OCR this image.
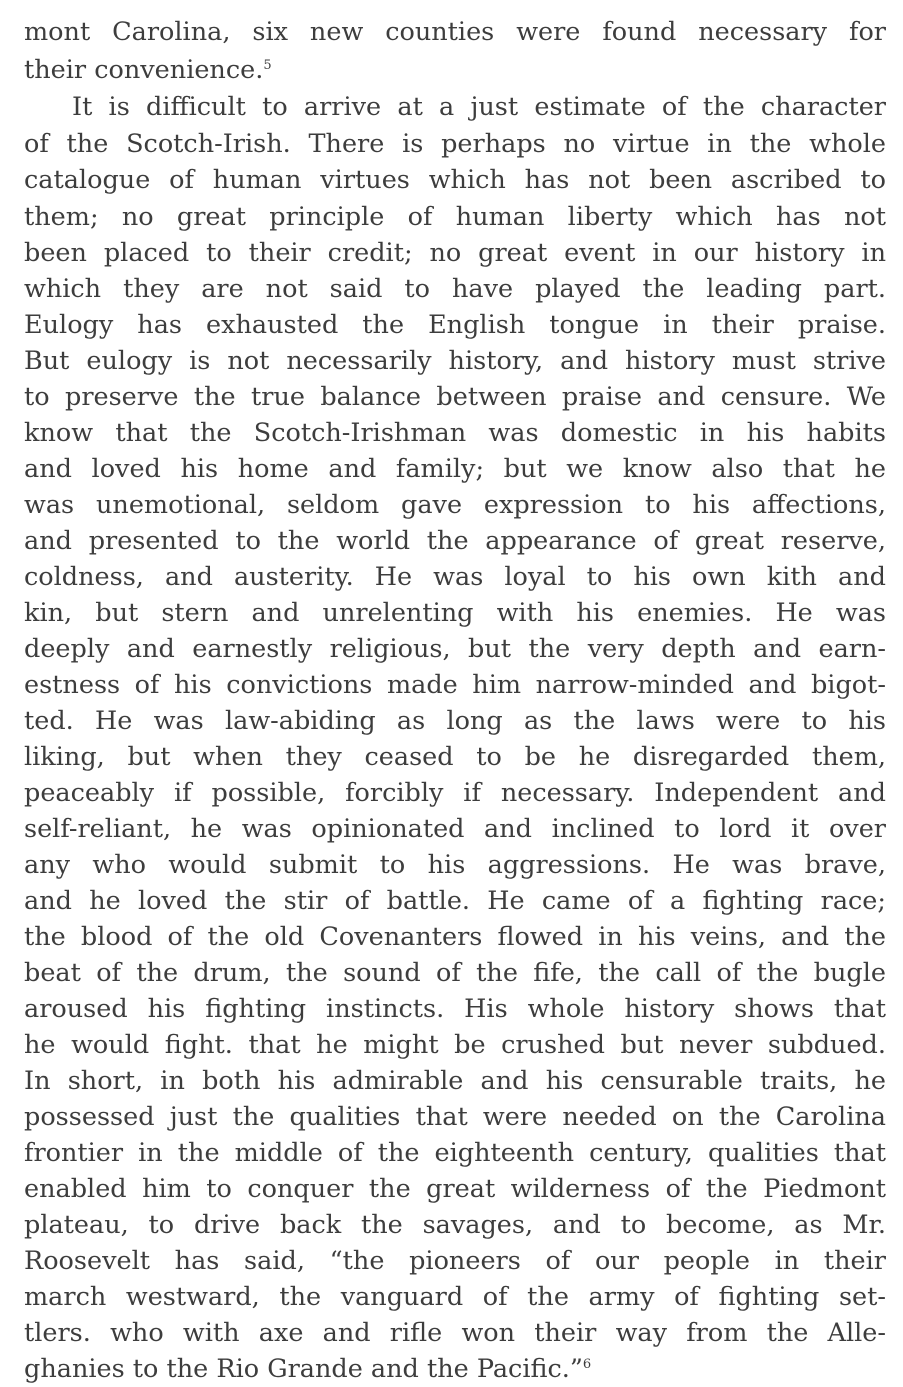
mont Carolina, six new counties were found necessary for
their convenience.$^5$
It is difficult to arrive at a just estimate of the character
of the Scotch-Irish. There is perhaps no virtue in the whole
catalogue of human virtues which has not been ascribed to
them; no great principle of human liberty which has not
been placed to their credit; no great event in our history in
which they are not said to have played the leading part.
Eulogy has exhausted the English tongue in their praise.
But eulogy is not necessarily history, and history must strive
to preserve the true balance between praise and censure. We
know that the Scotch-Irishman was domestic in his habits
and loved his home and family; but we know also that he
was unemotional, seldom gave expression to his affections,
and presented to the world the appearance of great reserve,
coldness, and austerity. He was loyal to his own kith and
kin, but stern and unrelenting with his enemies. He was
deeply and earnestly religious, but the very depth and earn-
estness of his convictions made him narrow-minded and bigot-
ted. He was law-abiding as long as the laws were to his
liking, but when they ceased to be he disregarded them,
peaceably if possible, forcibly if necessary. Independent and
self-reliant, he was opinionated and inclined to lord it over
any who would submit to his aggressions. He was brave,
and he loved the stir of battle. He came of a fighting race;
the blood of the old Covenanters flowed in his veins, and the
beat of the drum, the sound of the fife, the call of the bugle
aroused his fighting instincts. His whole history shows that
he would fight. that he might be crushed but never subdued.
In short, in both his admirable and his censurable traits, he
possessed just the qualities that were needed on the Carolina
frontier in the middle of the eighteenth century, qualities that
enabled him to conquer the great wilderness of the Piedmont
plateau, to drive back the savages, and to become, as Mr.
Roosevelt has said, “the pioneers of our people in their
march westward, the vanguard of the army of fighting set-
tlers. who with axe and rifle won their way from the Alle-
ghanies to the Rio Grande and the Pacific.”$^6$
